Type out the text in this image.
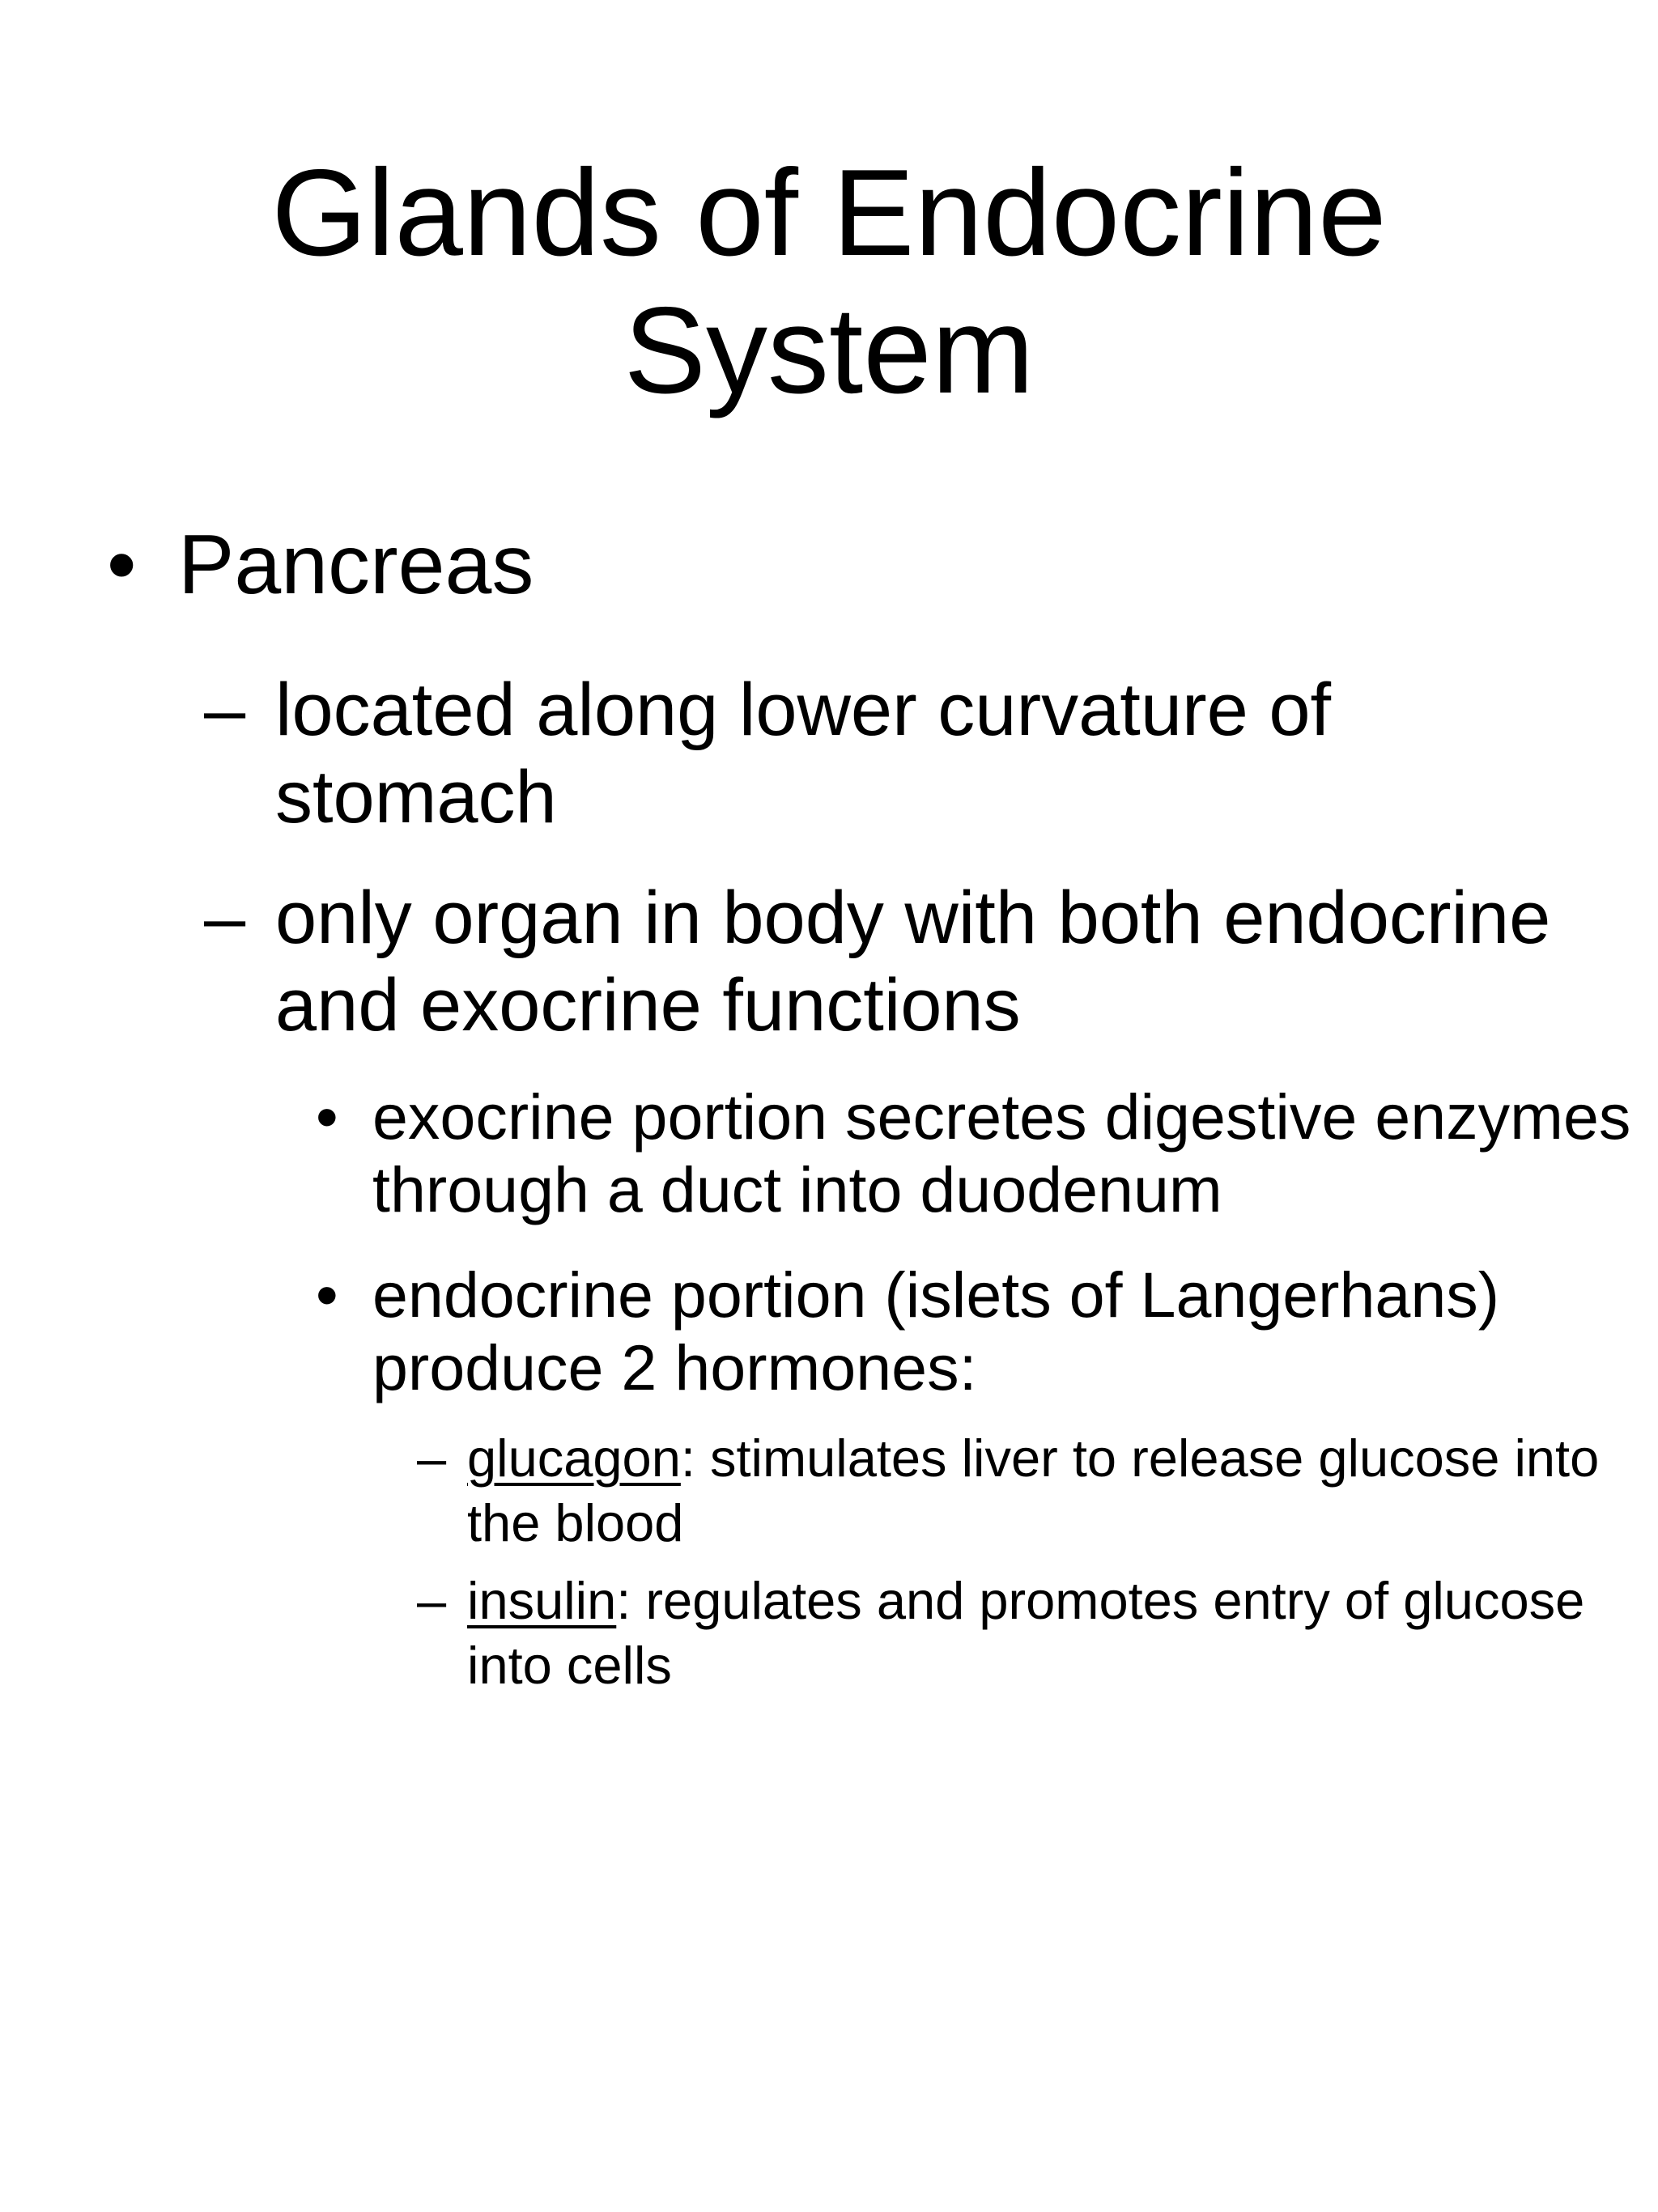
Glands of Endocrine
System
• Pancreas
– located along lower curvature of stomach
– only organ in body with both endocrine and exocrine functions
• exocrine portion secretes digestive enzymes through a duct into duodenum
• endocrine portion (islets of Langerhans) produce 2 hormones:
– glucagon: stimulates liver to release glucose into the blood
– insulin: regulates and promotes entry of glucose into cells
